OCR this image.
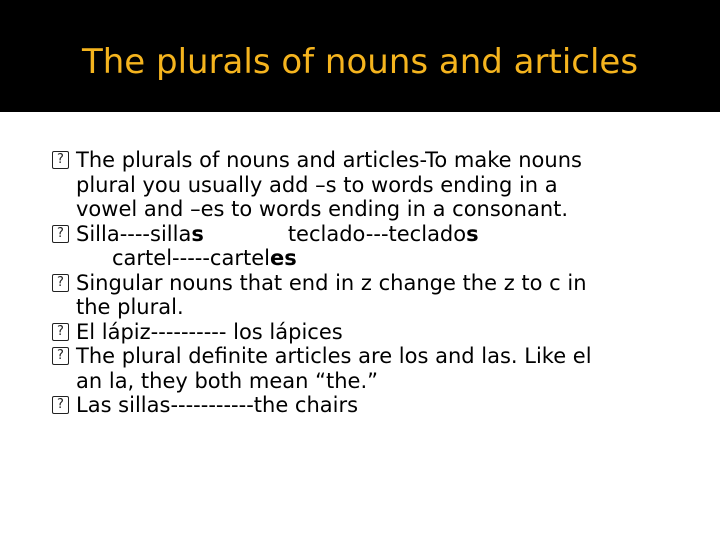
The plurals of nouns and articles
? The plurals of nouns and articles-To make nouns
plural you usually add –s to words ending in a
vowel and –es to words ending in a consonant.
? Silla----sillas	teclado---teclados
cartel-----carteles
? Singular nouns that end in z change the z to c in
the plural.
? El lápiz---------- los lápices
? The plural definite articles are los and las. Like el
an la, they both mean “the.”
? Las sillas-----------the chairs
